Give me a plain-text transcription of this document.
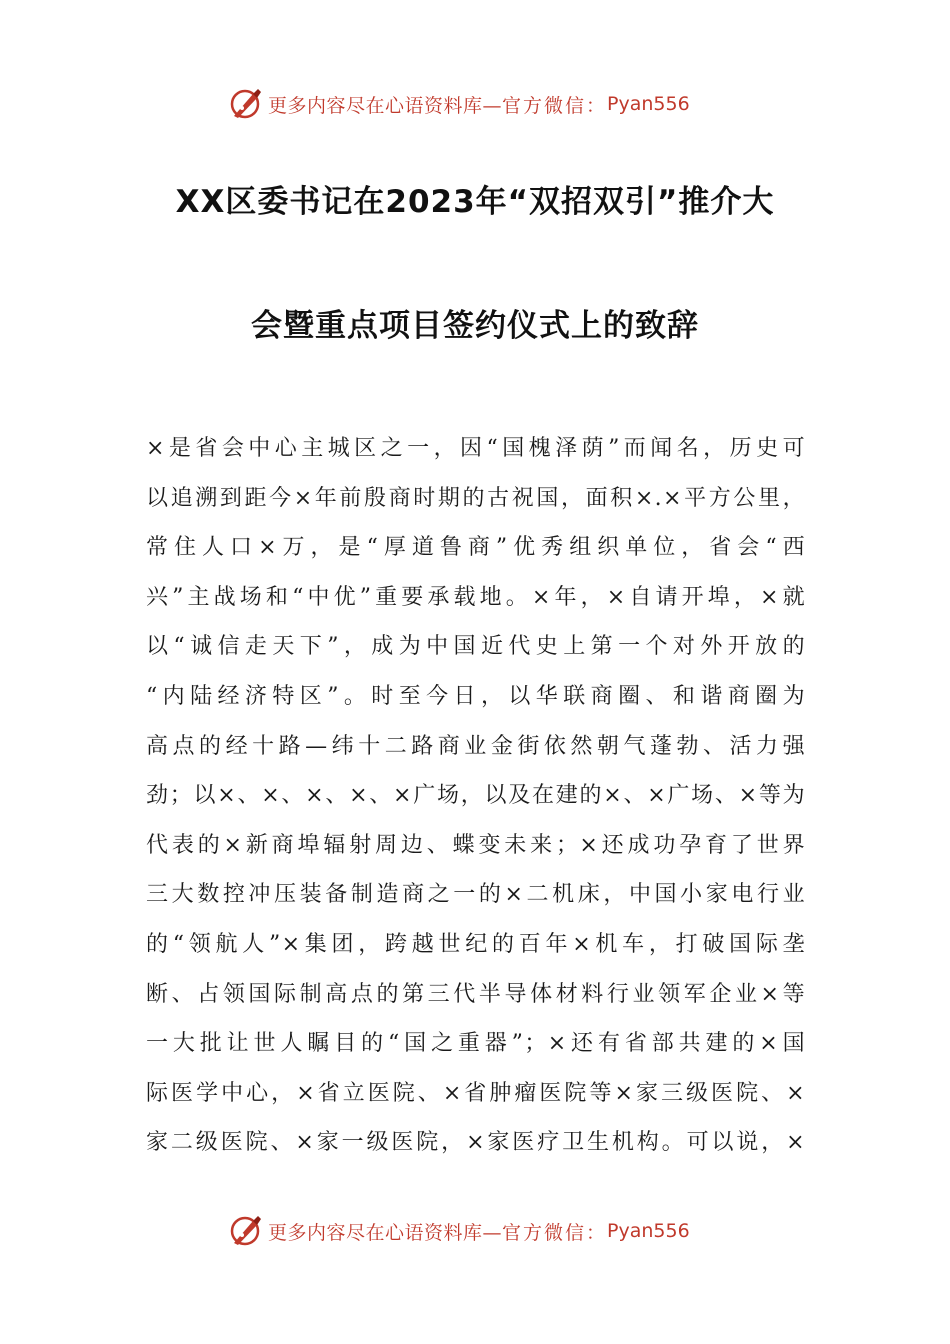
更多内容尽在心语资料库— 官方微信： Pyan556
XX区委书记在2023年“双招双引”推介大
会暨重点项目签约仪式上的致辞
×是省会中心主城区之一，因“国槐泽荫”而闻名，历史可
以追溯到距今×年前殷商时期的古祝国，面积×.×平方公里，
常住人口×万，是“厚道鲁商”优秀组织单位，省会“西
兴”主战场和“中优”重要承载地。×年，×自请开埠，×就
以“诚信走天下”，成为中国近代史上第一个对外开放的
“内陆经济特区”。时至今日，以华联商圈、和谐商圈为
高点的经十路—纬十二路商业金街依然朝气蓬勃、活力强
劲；以×、×、×、×、×广场，以及在建的×、×广场、×等为
代表的×新商埠辐射周边、蝶变未来；×还成功孕育了世界
三大数控冲压装备制造商之一的×二机床，中国小家电行业
的“领航人”×集团，跨越世纪的百年×机车，打破国际垄
断、占领国际制高点的第三代半导体材料行业领军企业×等
一大批让世人瞩目的“国之重器”；×还有省部共建的×国
际医学中心，×省立医院、×省肿瘤医院等×家三级医院、×
家二级医院、×家一级医院，×家医疗卫生机构。可以说，×
更多内容尽在心语资料库— 官方微信： Pyan556
